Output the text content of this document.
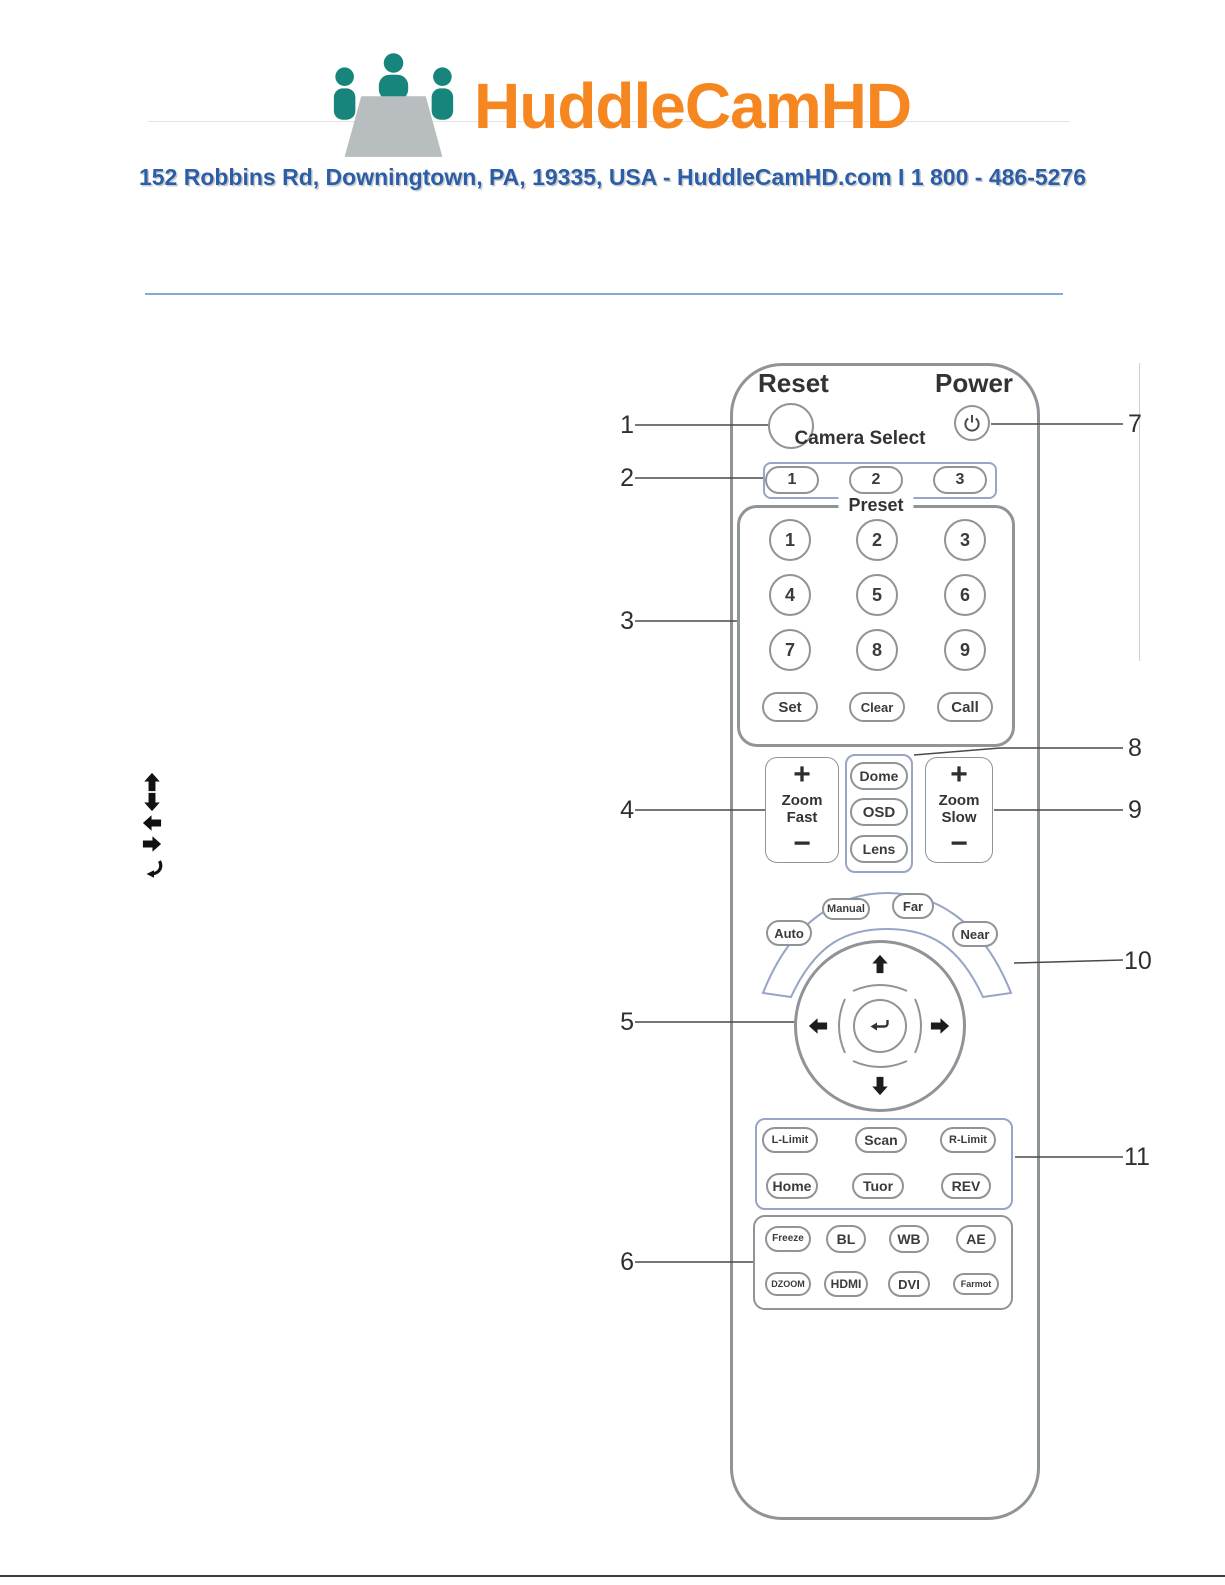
HuddleCamHD
152 Robbins Rd, Downingtown, PA, 19335, USA - HuddleCamHD.com I 1 800 - 486-5276
1
2
3
4
5
6
7
8
9
10
11
Reset	Power
Camera Select
1	2	3
Preset
1	2	3
4	5	6
7	8	9
Set	Clear	Call
+
Zoom
Fast
−
Dome
OSD
Lens
+
Zoom
Slow
−
Auto
Manual	Far
Near
L-Limit	Scan	R-Limit
Home	Tuor	REV
Freeze	BL	WB	AE
DZOOM	HDMI	DVI	Farmot
